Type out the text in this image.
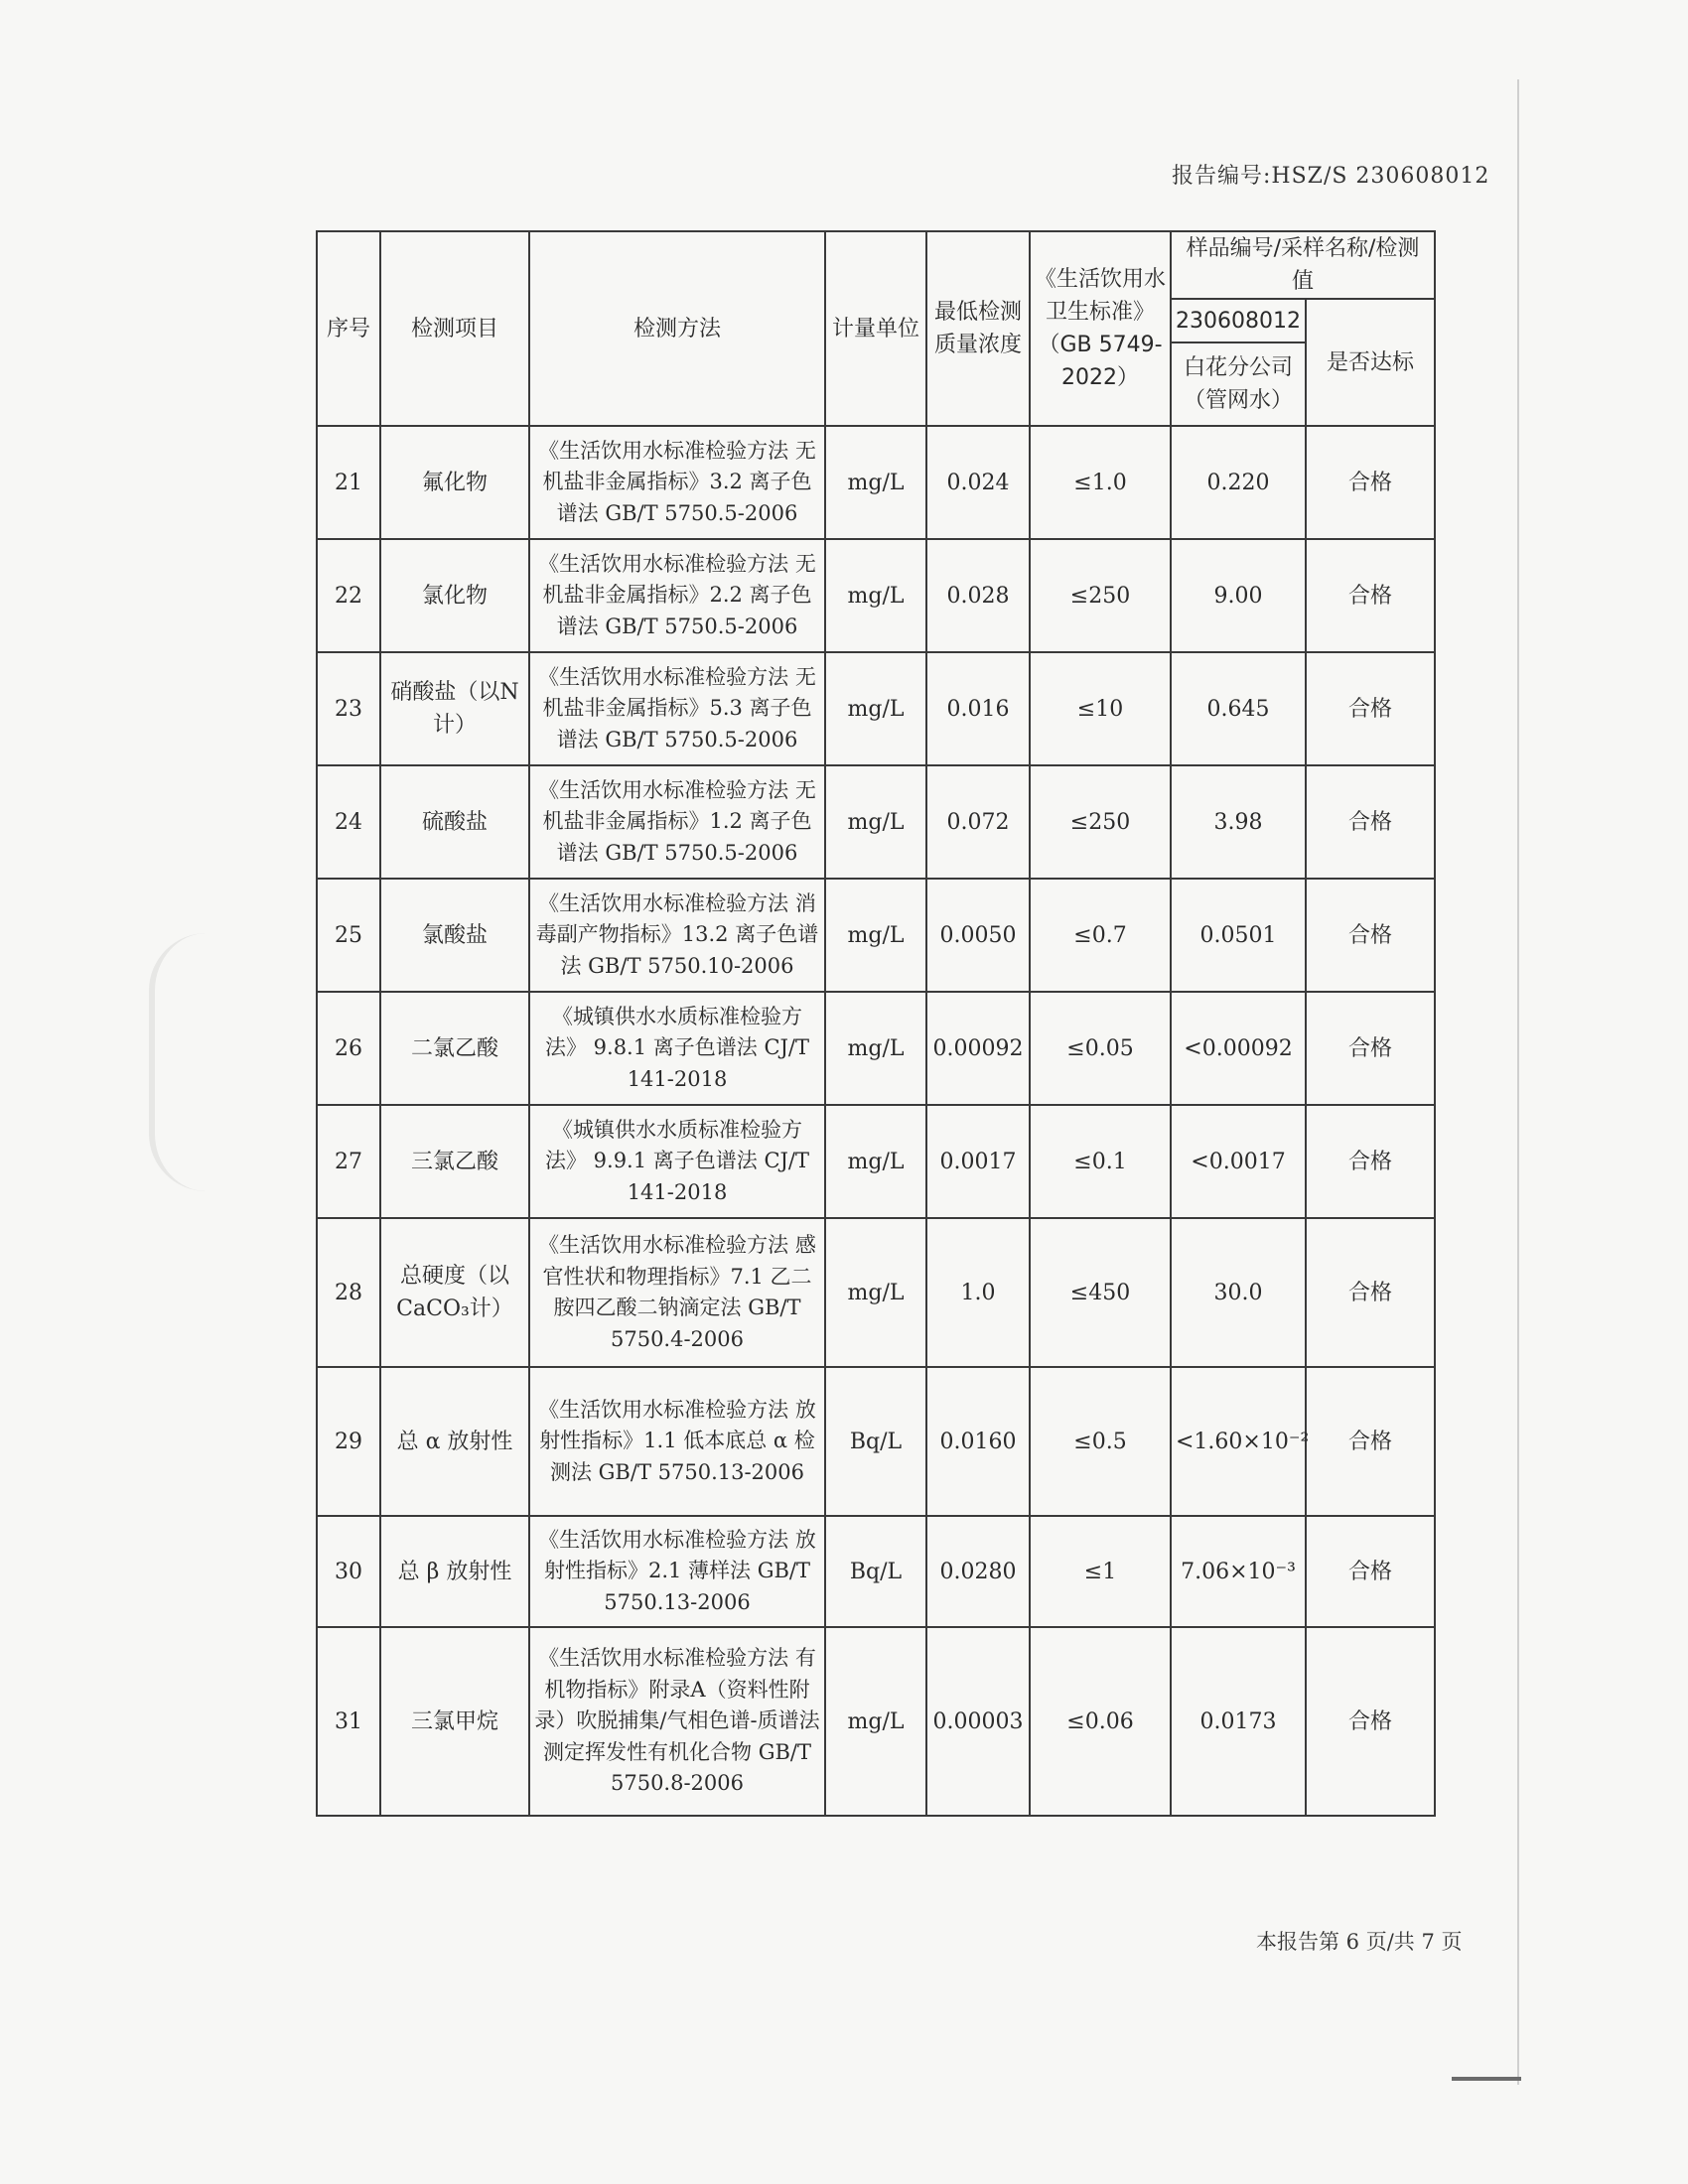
报告编号:HSZ/S 230608012
序号	检测项目	检测方法	计量单位	最低检测质量浓度	《生活饮用水卫生标准》（GB 5749-2022）	样品编号/采样名称/检测值	
						230608012	是否达标
						白花分公司（管网水）	
21	氟化物	《生活饮用水标准检验方法 无机盐非金属指标》3.2 离子色谱法 GB/T 5750.5-2006	mg/L	0.024	≤1.0	0.220	合格
22	氯化物	《生活饮用水标准检验方法 无机盐非金属指标》2.2 离子色谱法 GB/T 5750.5-2006	mg/L	0.028	≤250	9.00	合格
23	硝酸盐（以N计）	《生活饮用水标准检验方法 无机盐非金属指标》5.3 离子色谱法 GB/T 5750.5-2006	mg/L	0.016	≤10	0.645	合格
24	硫酸盐	《生活饮用水标准检验方法 无机盐非金属指标》1.2 离子色谱法 GB/T 5750.5-2006	mg/L	0.072	≤250	3.98	合格
25	氯酸盐	《生活饮用水标准检验方法 消毒副产物指标》13.2 离子色谱法 GB/T 5750.10-2006	mg/L	0.0050	≤0.7	0.0501	合格
26	二氯乙酸	《城镇供水水质标准检验方法》 9.8.1 离子色谱法 CJ/T 141-2018	mg/L	0.00092	≤0.05	<0.00092	合格
27	三氯乙酸	《城镇供水水质标准检验方法》 9.9.1 离子色谱法 CJ/T 141-2018	mg/L	0.0017	≤0.1	<0.0017	合格
28	总硬度（以CaCO₃计）	《生活饮用水标准检验方法 感官性状和物理指标》7.1 乙二胺四乙酸二钠滴定法 GB/T 5750.4-2006	mg/L	1.0	≤450	30.0	合格
29	总 α 放射性	《生活饮用水标准检验方法 放射性指标》1.1 低本底总 α 检测法 GB/T 5750.13-2006	Bq/L	0.0160	≤0.5	<1.60×10⁻²	合格
30	总 β 放射性	《生活饮用水标准检验方法 放射性指标》2.1 薄样法 GB/T 5750.13-2006	Bq/L	0.0280	≤1	7.06×10⁻³	合格
31	三氯甲烷	《生活饮用水标准检验方法 有机物指标》附录A（资料性附录）吹脱捕集/气相色谱-质谱法测定挥发性有机化合物 GB/T 5750.8-2006	mg/L	0.00003	≤0.06	0.0173	合格
本报告第 6 页/共 7 页
